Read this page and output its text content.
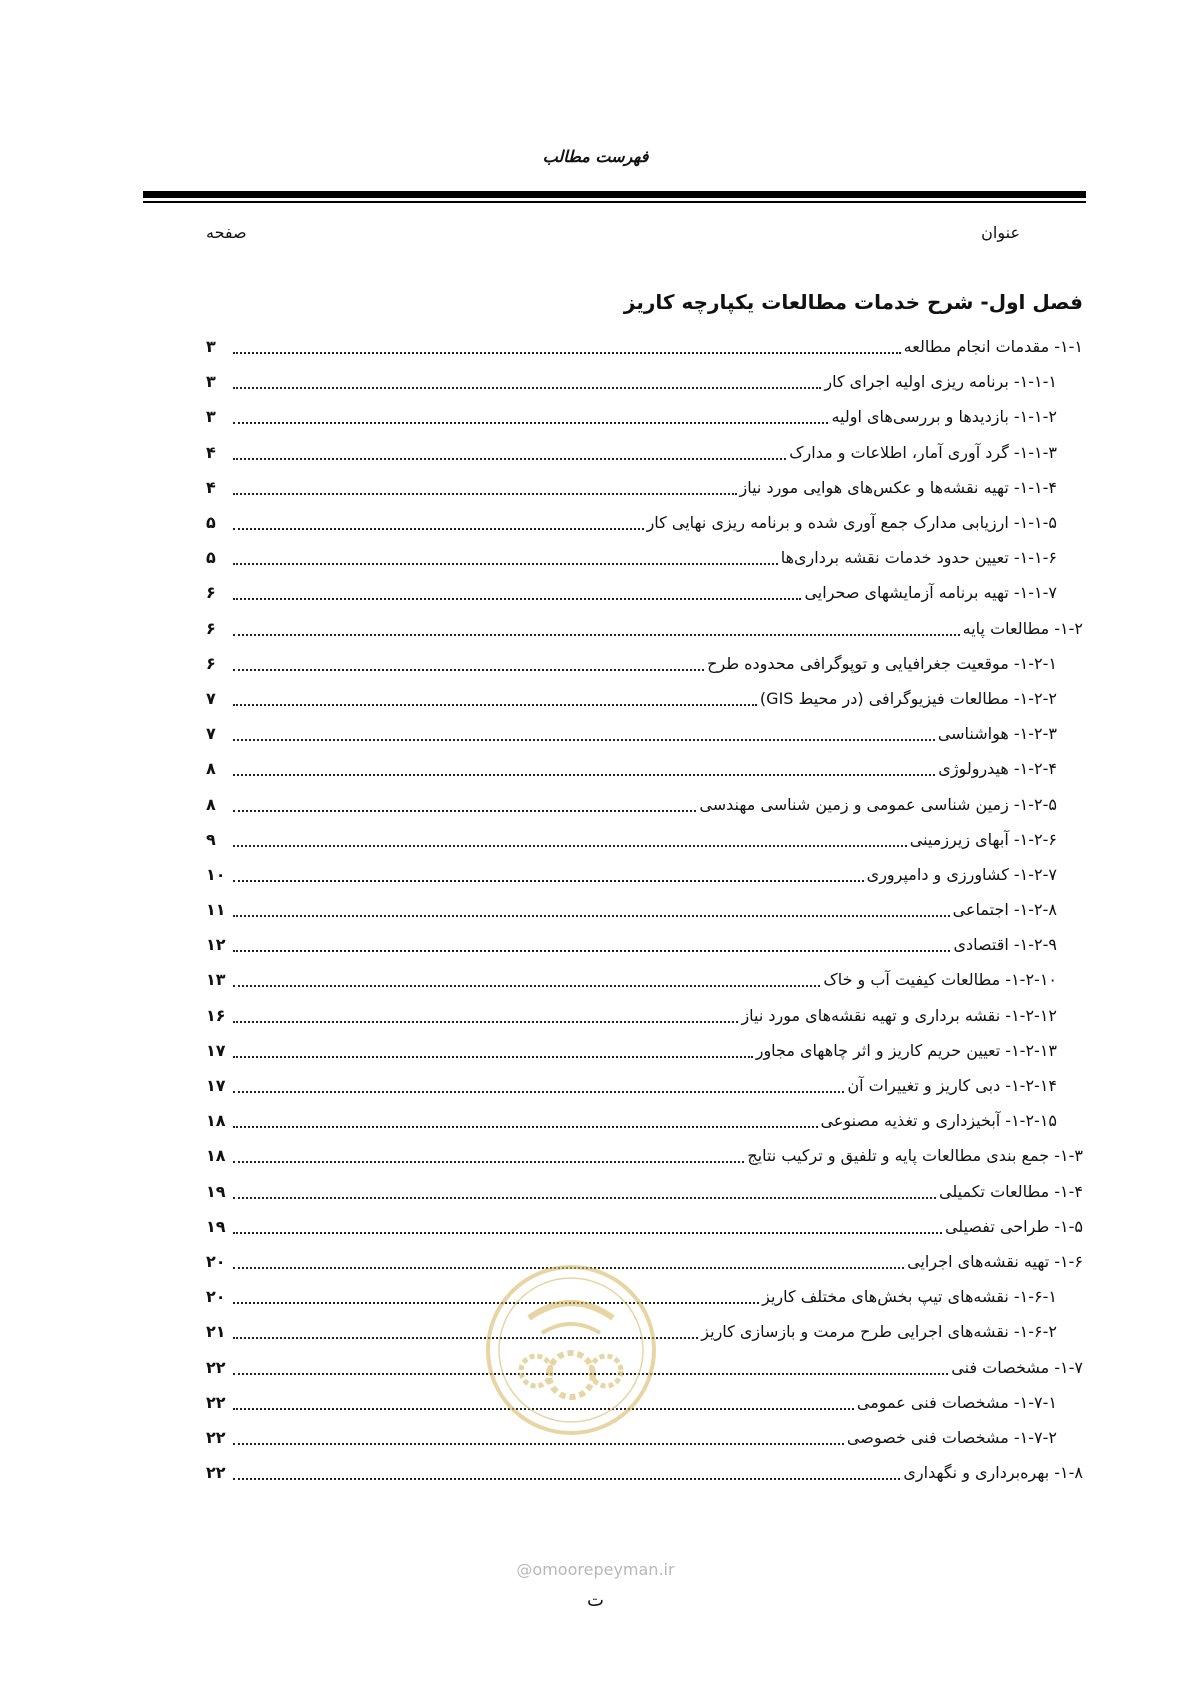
فهرست مطالب
عنوان
صفحه
فصل اول- شرح خدمات مطالعات یکپارچه کاریز
۱-۱- مقدمات انجام مطالعه
۳
۱-۱-۱- برنامه ریزی اولیه اجرای کار
۳
۱-۱-۲- بازدیدها و بررسی‌های اولیه
۳
۱-۱-۳- گرد آوری آمار، اطلاعات و مدارک
۴
۱-۱-۴- تهیه نقشه‌ها و عکس‌های هوایی مورد نیاز
۴
۱-۱-۵- ارزیابی مدارک جمع آوری شده و برنامه ریزی نهایی کار
۵
۱-۱-۶- تعیین حدود خدمات نقشه برداری‌ها
۵
۱-۱-۷- تهیه برنامه آزمایشهای صحرایی
۶
۱-۲- مطالعات پایه
۶
۱-۲-۱- موقعیت جغرافیایی و توپوگرافی محدوده طرح
۶
۱-۲-۲- مطالعات فیزیوگرافی (در محیط GIS)
۷
۱-۲-۳- هواشناسی
۷
۱-۲-۴- هیدرولوژی
۸
۱-۲-۵- زمین شناسی عمومی و زمین شناسی مهندسی
۸
۱-۲-۶- آبهای زیرزمینی
۹
۱-۲-۷- کشاورزی و دامپروری
۱۰
۱-۲-۸- اجتماعی
۱۱
۱-۲-۹- اقتصادی
۱۲
۱-۲-۱۰- مطالعات کیفیت آب و خاک
۱۳
۱-۲-۱۲- نقشه برداری و تهیه نقشه‌های مورد نیاز
۱۶
۱-۲-۱۳- تعیین حریم کاریز و اثر چاههای مجاور
۱۷
۱-۲-۱۴- دبی کاریز و تغییرات آن
۱۷
۱-۲-۱۵- آبخیزداری و تغذیه مصنوعی
۱۸
۱-۳- جمع بندی مطالعات پایه و تلفیق و ترکیب نتایج
۱۸
۱-۴- مطالعات تکمیلی
۱۹
۱-۵- طراحی تفصیلی
۱۹
۱-۶- تهیه نقشه‌های اجرایی
۲۰
۱-۶-۱- نقشه‌های تیپ بخش‌های مختلف کاریز
۲۰
۱-۶-۲- نقشه‌های اجرایی طرح مرمت و بازسازی کاریز
۲۱
۱-۷- مشخصات فنی
۲۲
۱-۷-۱- مشخصات فنی عمومی
۲۲
۱-۷-۲- مشخصات فنی خصوصی
۲۲
۱-۸- بهره‌برداری و نگهداری
۲۲
@omoorepeyman.ir
ت
